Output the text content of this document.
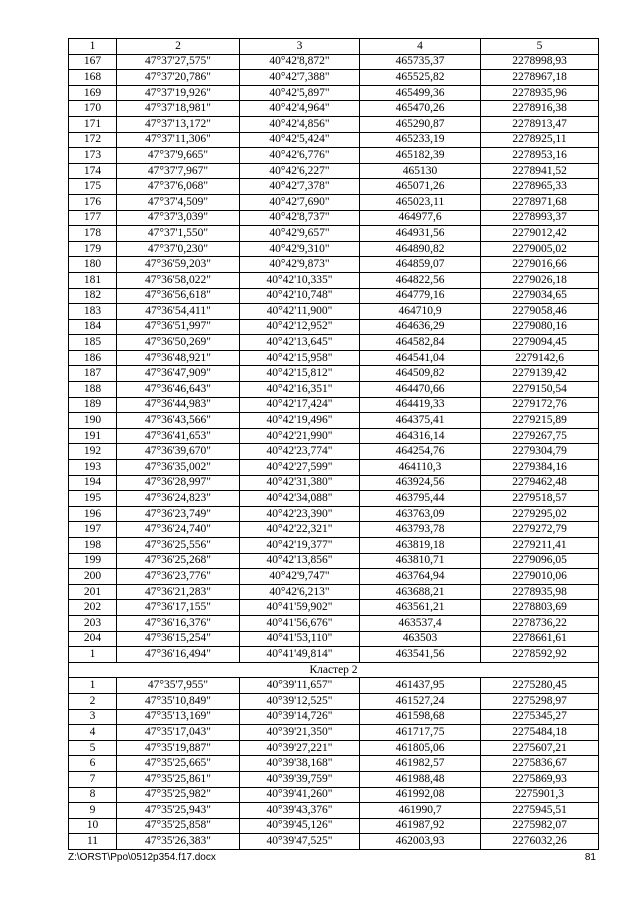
1	2	3	4	5
167	47°37'27,575"	40°42'8,872"	465735,37	2278998,93
168	47°37'20,786"	40°42'7,388"	465525,82	2278967,18
169	47°37'19,926"	40°42'5,897"	465499,36	2278935,96
170	47°37'18,981"	40°42'4,964"	465470,26	2278916,38
171	47°37'13,172"	40°42'4,856"	465290,87	2278913,47
172	47°37'11,306"	40°42'5,424"	465233,19	2278925,11
173	47°37'9,665"	40°42'6,776"	465182,39	2278953,16
174	47°37'7,967"	40°42'6,227"	465130	2278941,52
175	47°37'6,068"	40°42'7,378"	465071,26	2278965,33
176	47°37'4,509"	40°42'7,690"	465023,11	2278971,68
177	47°37'3,039"	40°42'8,737"	464977,6	2278993,37
178	47°37'1,550"	40°42'9,657"	464931,56	2279012,42
179	47°37'0,230"	40°42'9,310"	464890,82	2279005,02
180	47°36'59,203"	40°42'9,873"	464859,07	2279016,66
181	47°36'58,022"	40°42'10,335"	464822,56	2279026,18
182	47°36'56,618"	40°42'10,748"	464779,16	2279034,65
183	47°36'54,411"	40°42'11,900"	464710,9	2279058,46
184	47°36'51,997"	40°42'12,952"	464636,29	2279080,16
185	47°36'50,269"	40°42'13,645"	464582,84	2279094,45
186	47°36'48,921"	40°42'15,958"	464541,04	2279142,6
187	47°36'47,909"	40°42'15,812"	464509,82	2279139,42
188	47°36'46,643"	40°42'16,351"	464470,66	2279150,54
189	47°36'44,983"	40°42'17,424"	464419,33	2279172,76
190	47°36'43,566"	40°42'19,496"	464375,41	2279215,89
191	47°36'41,653"	40°42'21,990"	464316,14	2279267,75
192	47°36'39,670"	40°42'23,774"	464254,76	2279304,79
193	47°36'35,002"	40°42'27,599"	464110,3	2279384,16
194	47°36'28,997"	40°42'31,380"	463924,56	2279462,48
195	47°36'24,823"	40°42'34,088"	463795,44	2279518,57
196	47°36'23,749"	40°42'23,390"	463763,09	2279295,02
197	47°36'24,740"	40°42'22,321"	463793,78	2279272,79
198	47°36'25,556"	40°42'19,377"	463819,18	2279211,41
199	47°36'25,268"	40°42'13,856"	463810,71	2279096,05
200	47°36'23,776"	40°42'9,747"	463764,94	2279010,06
201	47°36'21,283"	40°42'6,213"	463688,21	2278935,98
202	47°36'17,155"	40°41'59,902"	463561,21	2278803,69
203	47°36'16,376"	40°41'56,676"	463537,4	2278736,22
204	47°36'15,254"	40°41'53,110"	463503	2278661,61
1	47°36'16,494"	40°41'49,814"	463541,56	2278592,92
Кластер 2				
1	47°35'7,955"	40°39'11,657"	461437,95	2275280,45
2	47°35'10,849"	40°39'12,525"	461527,24	2275298,97
3	47°35'13,169"	40°39'14,726"	461598,68	2275345,27
4	47°35'17,043"	40°39'21,350"	461717,75	2275484,18
5	47°35'19,887"	40°39'27,221"	461805,06	2275607,21
6	47°35'25,665"	40°39'38,168"	461982,57	2275836,67
7	47°35'25,861"	40°39'39,759"	461988,48	2275869,93
8	47°35'25,982"	40°39'41,260"	461992,08	2275901,3
9	47°35'25,943"	40°39'43,376"	461990,7	2275945,51
10	47°35'25,858"	40°39'45,126"	461987,92	2275982,07
11	47°35'26,383"	40°39'47,525"	462003,93	2276032,26
Z:\ORST\Ppo\0512p354.f17.docx	81
